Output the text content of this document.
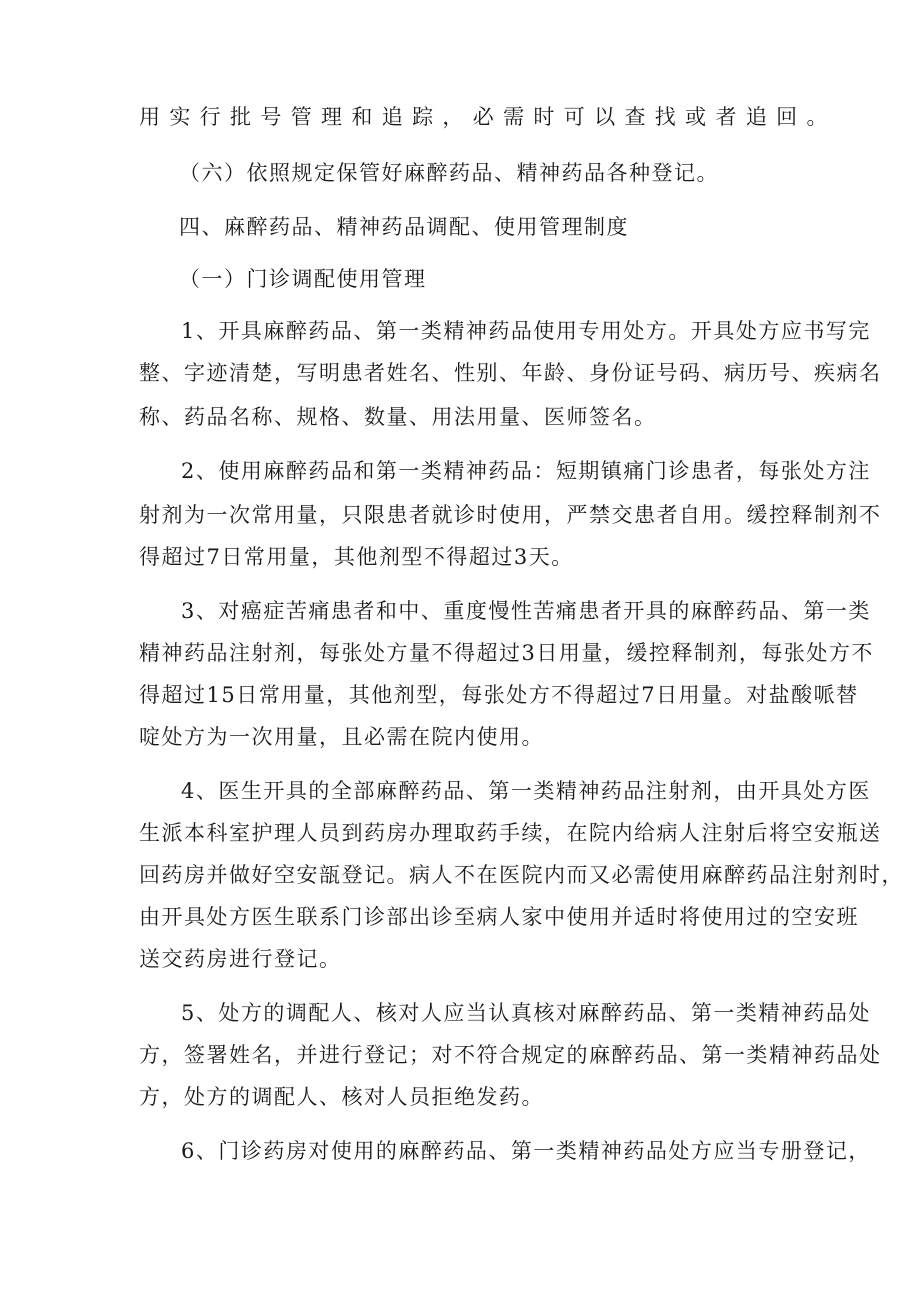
用实行批号管理和追踪，必需时可以查找或者追回。
（六）依照规定保管好麻醉药品、精神药品各种登记。
四、麻醉药品、精神药品调配、使用管理制度
（一）门诊调配使用管理
1、开具麻醉药品、第一类精神药品使用专用处方。开具处方应书写完
整、字迹清楚，写明患者姓名、性别、年龄、身份证号码、病历号、疾病名
称、药品名称、规格、数量、用法用量、医师签名。
2、使用麻醉药品和第一类精神药品：短期镇痛门诊患者，每张处方注
射剂为一次常用量，只限患者就诊时使用，严禁交患者自用。缓控释制剂不
得超过7日常用量，其他剂型不得超过3天。
3、对癌症苦痛患者和中、重度慢性苦痛患者开具的麻醉药品、第一类
精神药品注射剂，每张处方量不得超过3日用量，缓控释制剂，每张处方不
得超过15日常用量，其他剂型，每张处方不得超过7日用量。对盐酸哌替
啶处方为一次用量，且必需在院内使用。
4、医生开具的全部麻醉药品、第一类精神药品注射剂，由开具处方医
生派本科室护理人员到药房办理取药手续，在院内给病人注射后将空安瓶送
回药房并做好空安瓿登记。病人不在医院内而又必需使用麻醉药品注射剂时，
由开具处方医生联系门诊部出诊至病人家中使用并适时将使用过的空安班
送交药房进行登记。
5、处方的调配人、核对人应当认真核对麻醉药品、第一类精神药品处
方，签署姓名，并进行登记；对不符合规定的麻醉药品、第一类精神药品处
方，处方的调配人、核对人员拒绝发药。
6、门诊药房对使用的麻醉药品、第一类精神药品处方应当专册登记，
